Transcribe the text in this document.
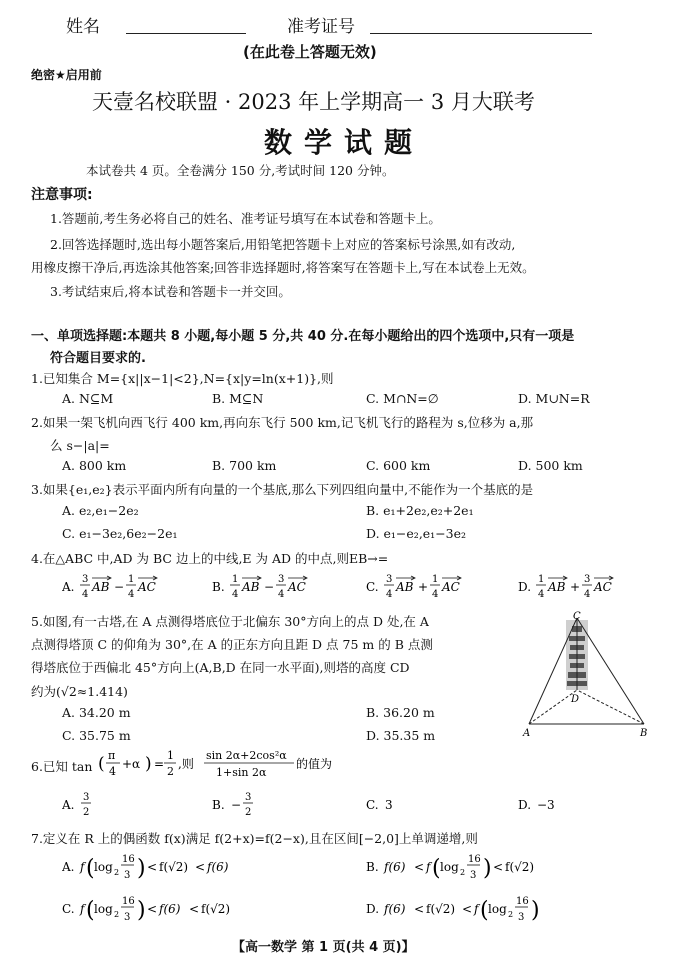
姓名	准考证号
(在此卷上答题无效)
绝密★启用前
天壹名校联盟 · 2023 年上学期高一 3 月大联考
数学试题
本试卷共 4 页。全卷满分 150 分,考试时间 120 分钟。
注意事项:
1.答题前,考生务必将自己的姓名、准考证号填写在本试卷和答题卡上。
2.回答选择题时,选出每小题答案后,用铅笔把答题卡上对应的答案标号涂黑,如有改动,
用橡皮擦干净后,再选涂其他答案;回答非选择题时,将答案写在答题卡上,写在本试卷上无效。
3.考试结束后,将本试卷和答题卡一并交回。
一、单项选择题:本题共 8 小题,每小题 5 分,共 40 分.在每小题给出的四个选项中,只有一项是
符合题目要求的.
1.已知集合 M={x||x−1|<2},N={x|y=ln(x+1)},则
A. N⊆M	B. M⊆N	C. M∩N=∅	D. M∪N=R
2.如果一架飞机向西飞行 400 km,再向东飞行 500 km,记飞机飞行的路程为 s,位移为 a,那
么 s−|a|=
A. 800 km	B. 700 km	C. 600 km	D. 500 km
3.如果{e₁,e₂}表示平面内所有向量的一个基底,那么下列四组向量中,不能作为一个基底的是
A. e₂,e₁−2e₂	B. e₁+2e₂,e₂+2e₁
C. e₁−3e₂,6e₂−2e₁	D. e₁−e₂,e₁−3e₂
4.在△ABC 中,AD 为 BC 边上的中线,E 为 AD 的中点,则EB→=
A.
3
4
AB −
1
4
AC	B.
1
4
AB −
3
4
AC	C.
3
4
AB +
1
4
AC	D.
1
4
AB +
3
4
AC
5.如图,有一古塔,在 A 点测得塔底位于北偏东 30°方向上的点 D 处,在 A
点测得塔顶 C 的仰角为 30°,在 A 的正东方向且距 D 点 75 m 的 B 点测
得塔底位于西偏北 45°方向上(A,B,D 在同一水平面),则塔的高度 CD
约为(√2≈1.414)
A. 34.20 m	B. 36.20 m
C. 35.75 m	D. 35.35 m
C
D
A	B
6.已知 tan ( π
4
+α ) =
1
2
,则
sin 2α+2cos²α
1+sin 2α
的值为
A.
3
2
B. −
3
2
C. 3	D. −3
7.定义在 R 上的偶函数 f(x)满足 f(2+x)=f(2−x),且在区间[−2,0]上单调递增,则
A. f ( log 2
16
3 ) < f(√2) < f(6)	B. f(6) < f ( log 2
16
3 ) < f(√2)
C. f ( log 2
16
3 ) < f(6) < f(√2)	D. f(6) < f(√2) < f ( log 2
16
3 )
【高一数学 第 1 页(共 4 页)】
